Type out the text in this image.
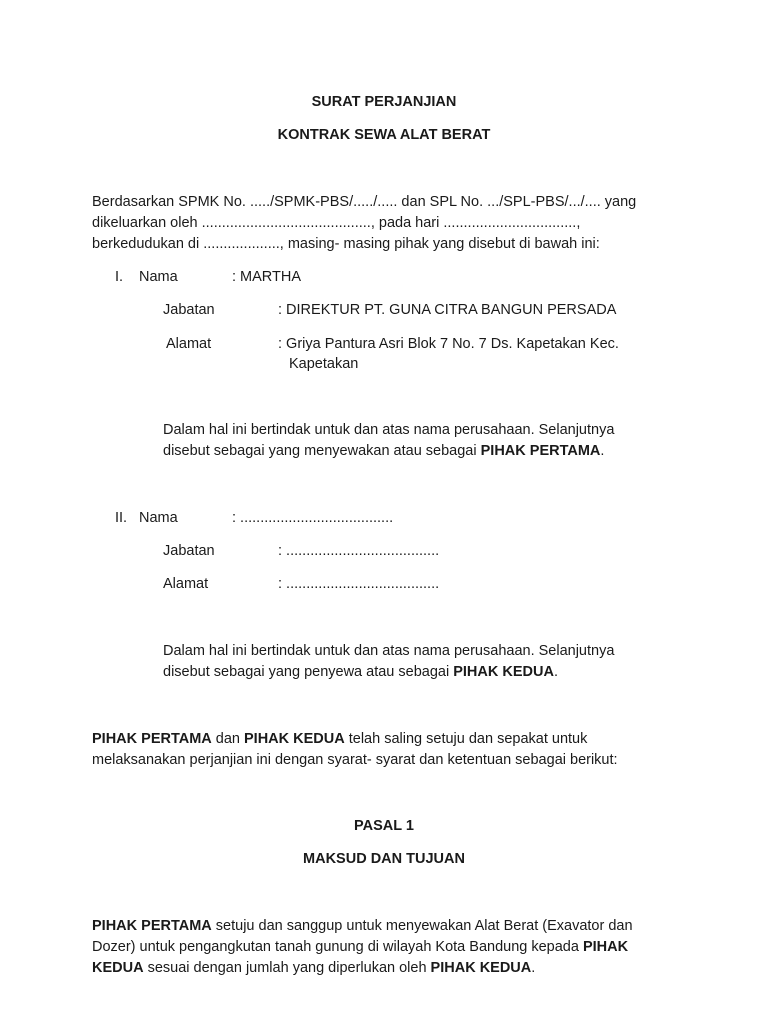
SURAT PERJANJIAN
KONTRAK SEWA ALAT BERAT
Berdasarkan SPMK No. ...../SPMK-PBS/...../..... dan SPL No. .../SPL-PBS/.../.... yang
dikeluarkan oleh .........................................., pada hari .................................,
berkedudukan di ..................., masing- masing pihak yang disebut di bawah ini:
I. Nama	: MARTHA
Jabatan	: DIREKTUR PT. GUNA CITRA BANGUN PERSADA
Alamat	: Griya Pantura Asri Blok 7 No. 7 Ds. Kapetakan Kec.
Kapetakan
Dalam hal ini bertindak untuk dan atas nama perusahaan. Selanjutnya
disebut sebagai yang menyewakan atau sebagai PIHAK PERTAMA.
II. Nama	: ......................................
Jabatan	: ......................................
Alamat	: ......................................
Dalam hal ini bertindak untuk dan atas nama perusahaan. Selanjutnya
disebut sebagai yang penyewa atau sebagai PIHAK KEDUA.
PIHAK PERTAMA dan PIHAK KEDUA telah saling setuju dan sepakat untuk
melaksanakan perjanjian ini dengan syarat- syarat dan ketentuan sebagai berikut:
PASAL 1
MAKSUD DAN TUJUAN
PIHAK PERTAMA setuju dan sanggup untuk menyewakan Alat Berat (Exavator dan
Dozer) untuk pengangkutan tanah gunung di wilayah Kota Bandung kepada PIHAK
KEDUA sesuai dengan jumlah yang diperlukan oleh PIHAK KEDUA.
